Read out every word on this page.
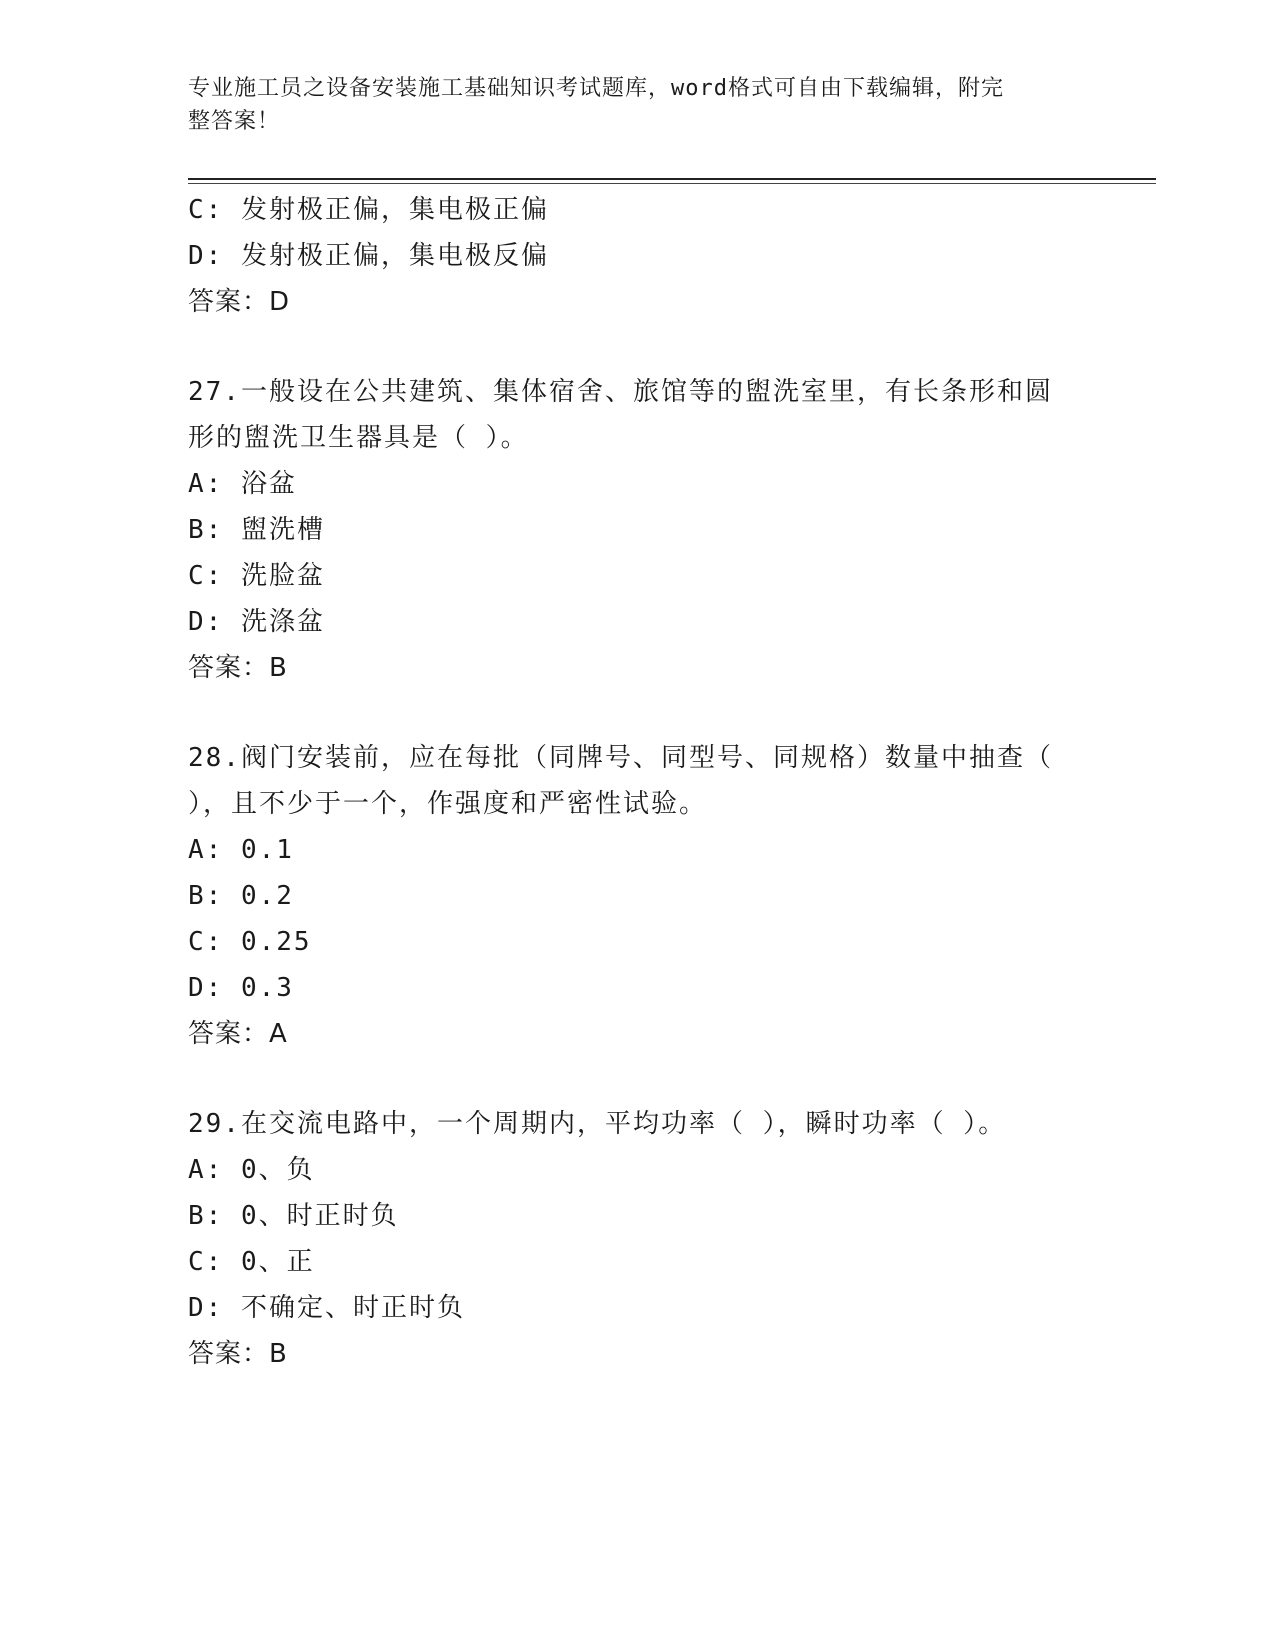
专业施工员之设备安装施工基础知识考试题库，word格式可自由下载编辑，附完
整答案！
C: 发射极正偏，集电极正偏
D: 发射极正偏，集电极反偏
答案：D
27.一般设在公共建筑、集体宿舍、旅馆等的盥洗室里，有长条形和圆形的盥洗卫生器具是（ ）。
A: 浴盆
B: 盥洗槽
C: 洗脸盆
D: 洗涤盆
答案：B
28.阀门安装前，应在每批（同牌号、同型号、同规格）数量中抽查（ ），且不少于一个，作强度和严密性试验。
A: 0.1
B: 0.2
C: 0.25
D: 0.3
答案：A
29.在交流电路中，一个周期内，平均功率（ ），瞬时功率（ ）。
A: 0、负
B: 0、时正时负
C: 0、正
D: 不确定、时正时负
答案：B
